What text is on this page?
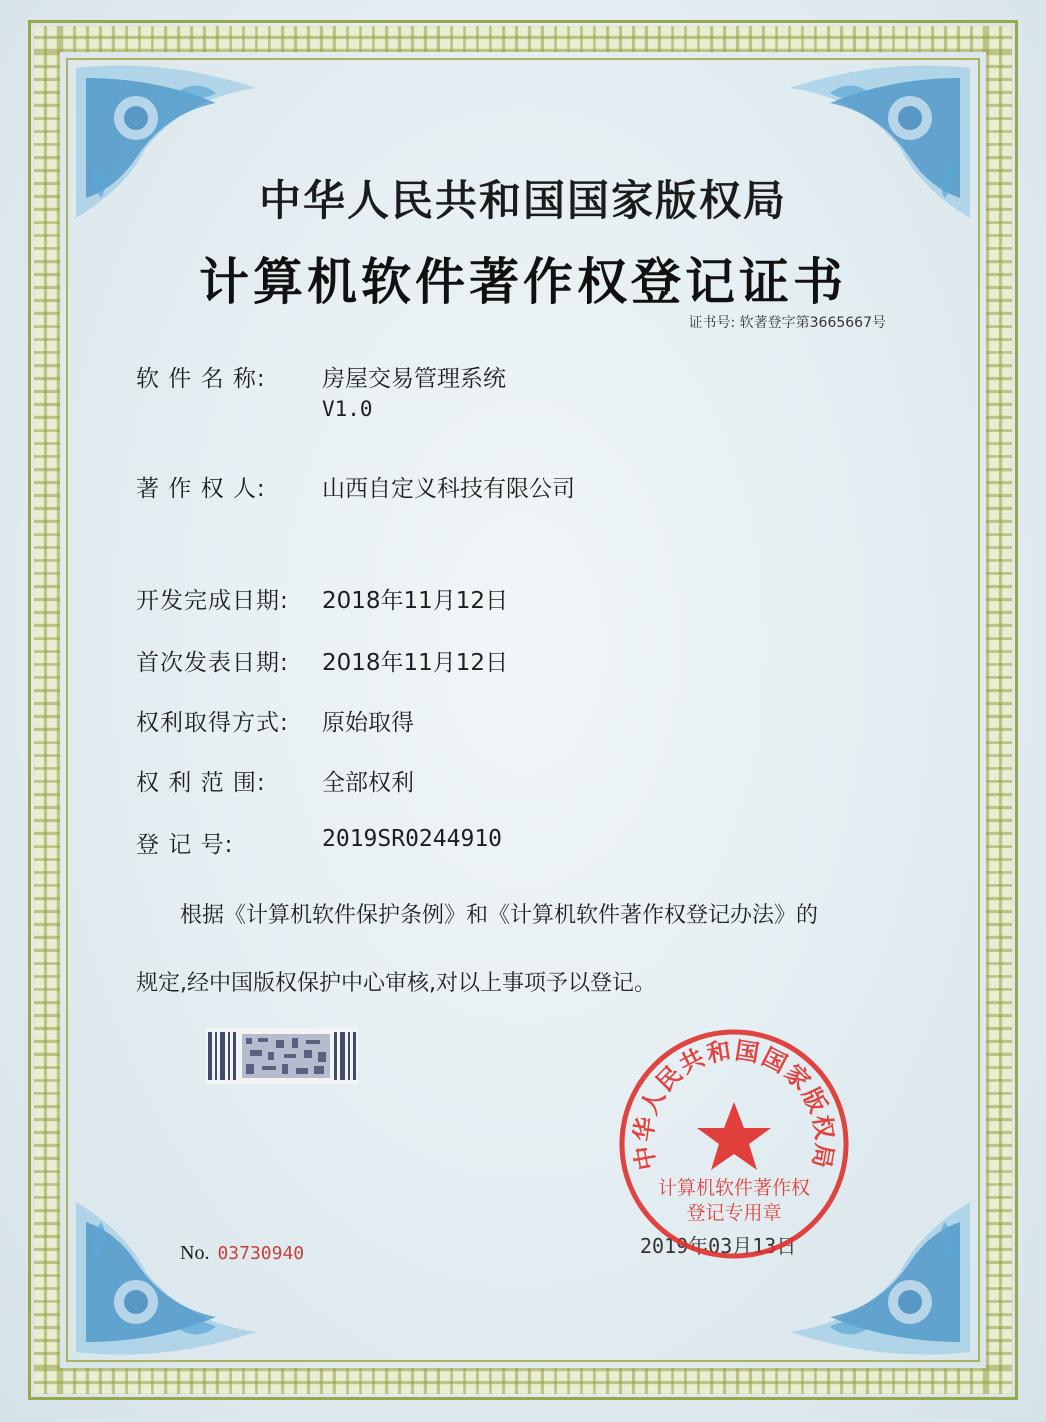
中华人民共和国国家版权局
计算机软件著作权登记证书
证书号: 软著登字第3665667号
软 件 名 称: 房屋交易管理系统
V1.0
著 作 权 人: 山西自定义科技有限公司
开发完成日期: 2018年11月12日
首次发表日期: 2018年11月12日
权利取得方式: 原始取得
权 利 范 围: 全部权利
登 记 号:	2019SR0244910
根据《计算机软件保护条例》和《计算机软件著作权登记办法》的
规定,经中国版权保护中心审核,对以上事项予以登记。
No. 03730940	2019年03月13日
中华人民共和国国家版权局
计算机软件著作权
登记专用章
